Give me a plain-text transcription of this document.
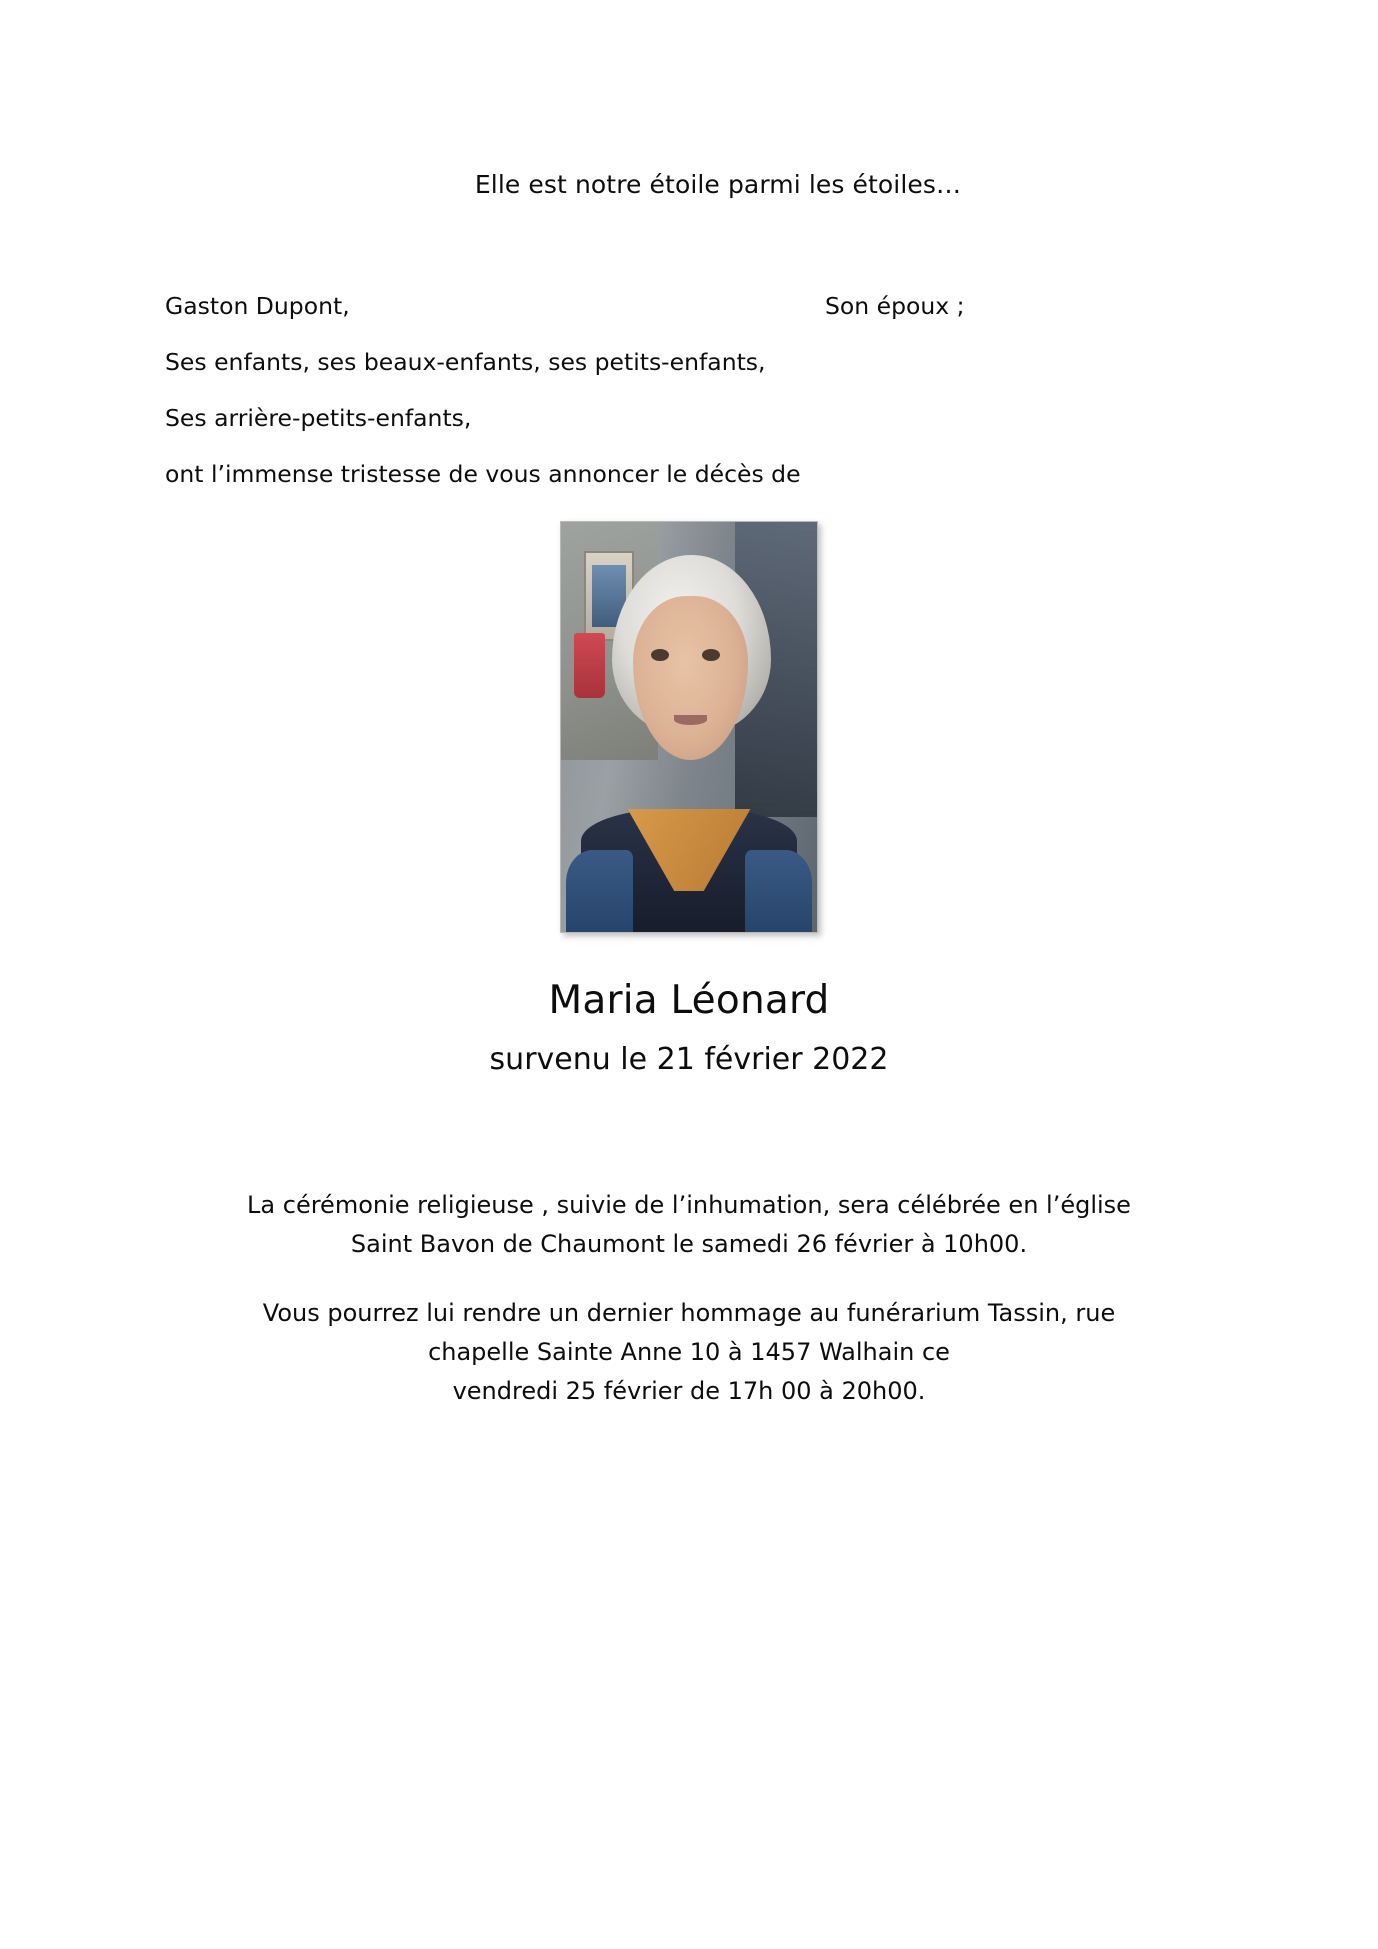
Elle est notre étoile parmi les étoiles…
Gaston Dupont,	Son époux ;
Ses enfants, ses beaux-enfants, ses petits-enfants,
Ses arrière-petits-enfants,
ont l’immense tristesse de vous annoncer le décès de
Maria Léonard
survenu le 21 février 2022
La cérémonie religieuse , suivie de l’inhumation, sera célébrée en l’église
Saint Bavon de Chaumont le samedi 26 février à 10h00.
Vous pourrez lui rendre un dernier hommage au funérarium Tassin, rue
chapelle Sainte Anne 10 à 1457 Walhain ce
vendredi 25 février de 17h 00 à 20h00.
